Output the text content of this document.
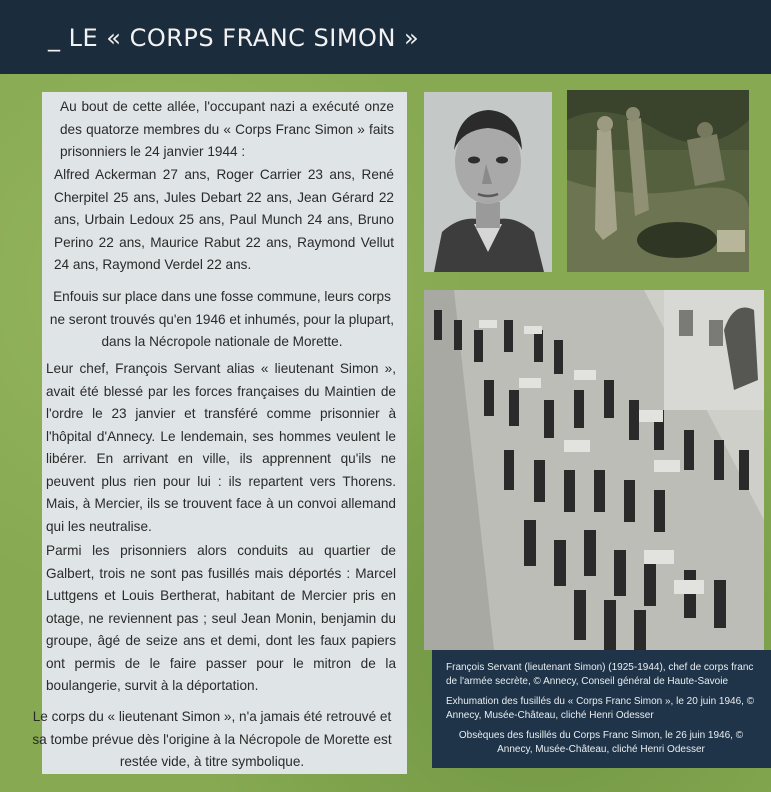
_ LE « CORPS FRANC SIMON »

Au bout de cette allée, l'occupant nazi a exécuté onze des quatorze membres du « Corps Franc Simon » faits prisonniers le 24 janvier 1944 :

Alfred Ackerman 27 ans, Roger Carrier 23 ans, René Cherpitel 25 ans, Jules Debart 22 ans, Jean Gérard 22 ans, Urbain Ledoux 25 ans, Paul Munch 24 ans, Bruno Perino 22 ans, Maurice Rabut 22 ans, Raymond Vellut 24 ans, Raymond Verdel 22 ans.

Enfouis sur place dans une fosse commune, leurs corps ne seront trouvés qu'en 1946 et inhumés, pour la plupart, dans la Nécropole nationale de Morette.

Leur chef, François Servant alias « lieutenant Simon », avait été blessé par les forces françaises du Maintien de l'ordre le 23 janvier et transféré comme prisonnier à l'hôpital d'Annecy. Le lendemain, ses hommes veulent le libérer. En arrivant en ville, ils apprennent qu'ils ne peuvent plus rien pour lui : ils repartent vers Thorens. Mais, à Mercier, ils se trouvent face à un convoi allemand qui les neutralise.

Parmi les prisonniers alors conduits au quartier de Galbert, trois ne sont pas fusillés mais déportés : Marcel Luttgens et Louis Bertherat, habitant de Mercier pris en otage, ne reviennent pas ; seul Jean Monin, benjamin du groupe, âgé de seize ans et demi, dont les faux papiers ont permis de le faire passer pour le mitron de la boulangerie, survit à la déportation.

Le corps du « lieutenant Simon », n'a jamais été retrouvé et sa tombe prévue dès l'origine à la Nécropole de Morette est restée vide, à titre symbolique.

François Servant (lieutenant Simon) (1925-1944), chef de corps franc de l'armée secrète, © Annecy, Conseil général de Haute-Savoie

Exhumation des fusillés du « Corps Franc Simon », le 20 juin 1946, © Annecy, Musée-Château, cliché Henri Odesser

Obsèques des fusillés du Corps Franc Simon, le 26 juin 1946, © Annecy, Musée-Château, cliché Henri Odesser
